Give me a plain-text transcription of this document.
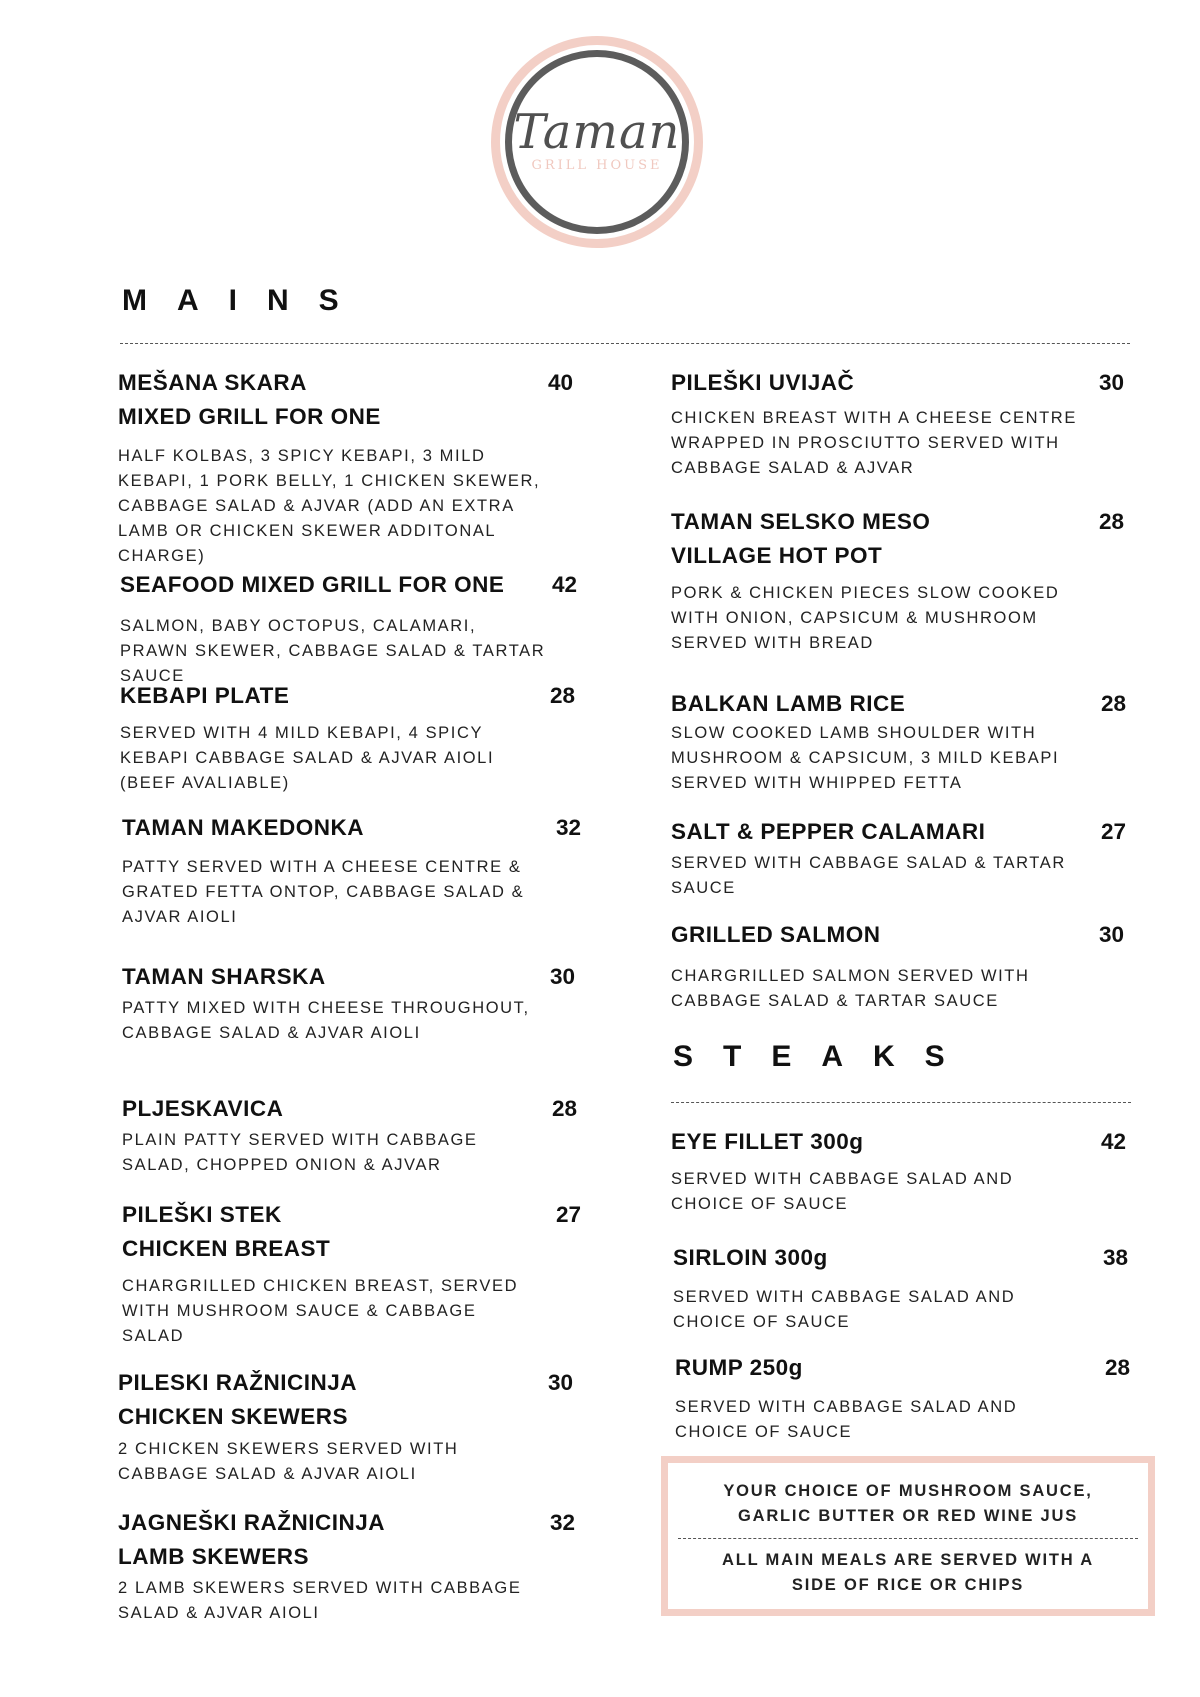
Taman
GRILL HOUSE
MAINS
MEŠANA SKARA
MIXED GRILL FOR ONE
40

HALF KOLBAS, 3 SPICY KEBAPI, 3 MILD KEBAPI, 1 PORK BELLY, 1 CHICKEN SKEWER, CABBAGE SALAD & AJVAR (ADD AN EXTRA LAMB OR CHICKEN SKEWER ADDITONAL CHARGE)

SEAFOOD MIXED GRILL FOR ONE	42

SALMON, BABY OCTOPUS, CALAMARI, PRAWN SKEWER, CABBAGE SALAD & TARTAR SAUCE

KEBAPI PLATE	28

SERVED WITH 4 MILD KEBAPI, 4 SPICY KEBAPI CABBAGE SALAD & AJVAR AIOLI (BEEF AVALIABLE)

TAMAN MAKEDONKA	32

PATTY SERVED WITH A CHEESE CENTRE & GRATED FETTA ONTOP, CABBAGE SALAD & AJVAR AIOLI

TAMAN SHARSKA	30

PATTY MIXED WITH CHEESE THROUGHOUT, CABBAGE SALAD & AJVAR AIOLI

PLJESKAVICA	28

PLAIN PATTY SERVED WITH CABBAGE SALAD, CHOPPED ONION & AJVAR

PILEŠKI STEK
CHICKEN BREAST
27

CHARGRILLED CHICKEN BREAST, SERVED WITH MUSHROOM SAUCE & CABBAGE SALAD

PILESKI RAŽNICINJA
CHICKEN SKEWERS
30

2 CHICKEN SKEWERS SERVED WITH CABBAGE SALAD & AJVAR AIOLI

JAGNEŠKI RAŽNICINJA
LAMB SKEWERS
32

2 LAMB SKEWERS SERVED WITH CABBAGE SALAD & AJVAR AIOLI

PILEŠKI UVIJAČ	30

CHICKEN BREAST WITH A CHEESE CENTRE WRAPPED IN PROSCIUTTO SERVED WITH CABBAGE SALAD & AJVAR

TAMAN SELSKO MESO
VILLAGE HOT POT
28

PORK & CHICKEN PIECES SLOW COOKED WITH ONION, CAPSICUM & MUSHROOM SERVED WITH BREAD

BALKAN LAMB RICE	28

SLOW COOKED LAMB SHOULDER WITH MUSHROOM & CAPSICUM, 3 MILD KEBAPI SERVED WITH WHIPPED FETTA

SALT & PEPPER CALAMARI	27

SERVED WITH CABBAGE SALAD & TARTAR SAUCE

GRILLED SALMON	30

CHARGRILLED SALMON SERVED WITH CABBAGE SALAD & TARTAR SAUCE

STEAKS
EYE FILLET 300g	42

SERVED WITH CABBAGE SALAD AND CHOICE OF SAUCE

SIRLOIN 300g	38

SERVED WITH CABBAGE SALAD AND CHOICE OF SAUCE

RUMP 250g	28

SERVED WITH CABBAGE SALAD AND CHOICE OF SAUCE

YOUR CHOICE OF MUSHROOM SAUCE, GARLIC BUTTER OR RED WINE JUS
ALL MAIN MEALS ARE SERVED WITH A SIDE OF RICE OR CHIPS
